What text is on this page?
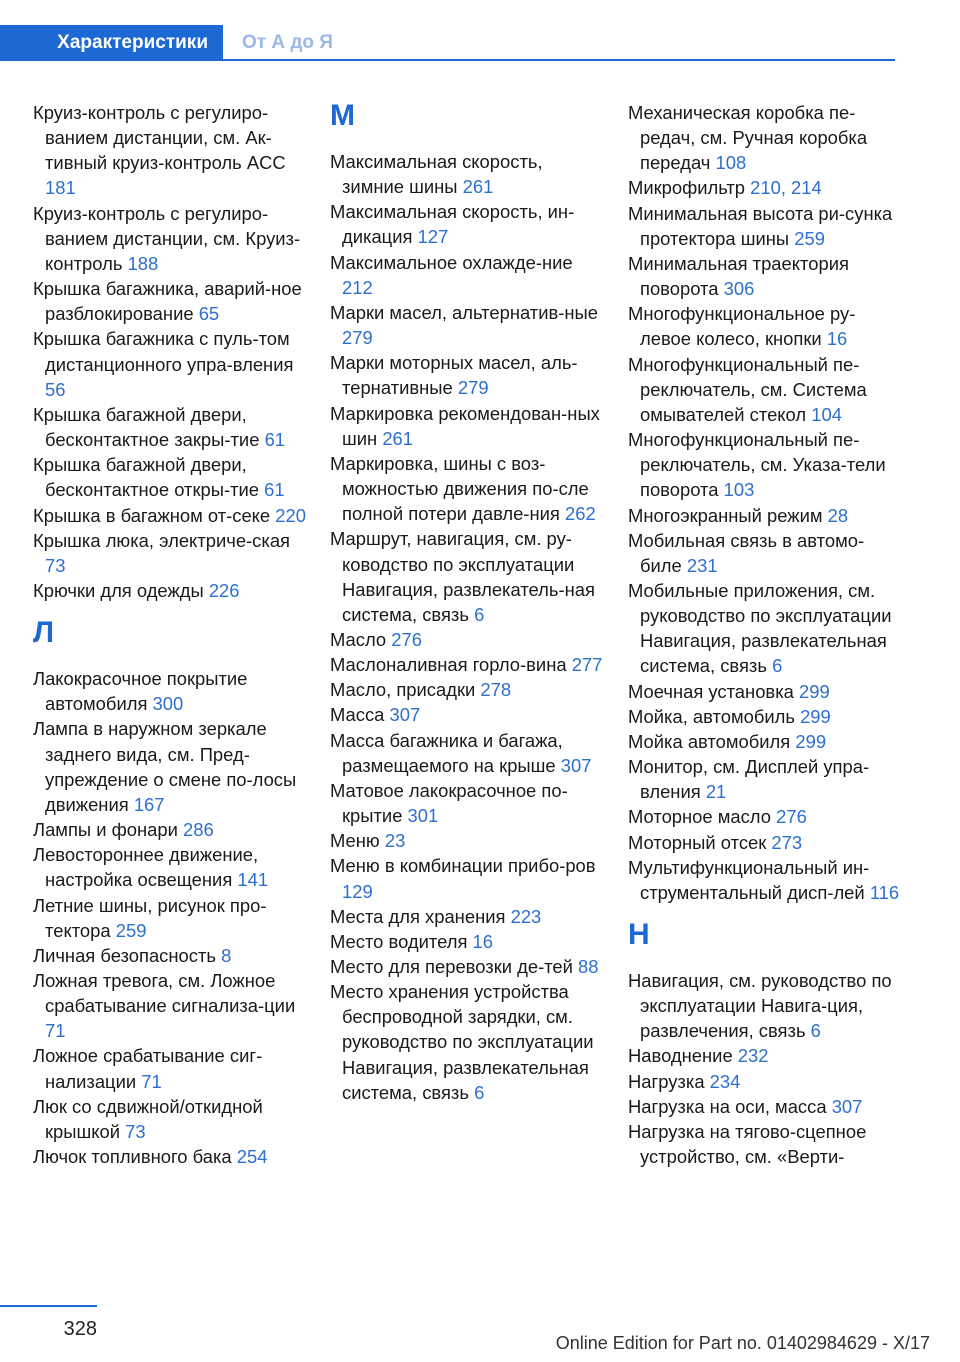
Характеристики	От А до Я
Круиз-контроль с регулиро-ванием дистанции, см. Ак-тивный круиз-контроль ACC 181
Круиз-контроль с регулиро-ванием дистанции, см. Круиз-контроль 188
Крышка багажника, аварий-ное разблокирование 65
Крышка багажника с пуль-том дистанционного упра-вления 56
Крышка багажной двери, бесконтактное закры-тие 61
Крышка багажной двери, бесконтактное откры-тие 61
Крышка в багажном от-секе 220
Крышка люка, электриче-ская 73
Крючки для одежды 226
Л
Лакокрасочное покрытие автомобиля 300
Лампа в наружном зеркале заднего вида, см. Пред-упреждение о смене по-лосы движения 167
Лампы и фонари 286
Левостороннее движение, настройка освещения 141
Летние шины, рисунок про-тектора 259
Личная безопасность 8
Ложная тревога, см. Ложное срабатывание сигнализа-ции 71
Ложное срабатывание сиг-нализации 71
Люк со сдвижной/откидной крышкой 73
Лючок топливного бака 254
М
Максимальная скорость, зимние шины 261
Максимальная скорость, ин-дикация 127
Максимальное охлажде-ние 212
Марки масел, альтернатив-ные 279
Марки моторных масел, аль-тернативные 279
Маркировка рекомендован-ных шин 261
Маркировка, шины с воз-можностью движения по-сле полной потери давле-ния 262
Маршрут, навигация, см. ру-ководство по эксплуатации Навигация, развлекатель-ная система, связь 6
Масло 276
Маслоналивная горло-вина 277
Масло, присадки 278
Масса 307
Масса багажника и багажа, размещаемого на крыше 307
Матовое лакокрасочное по-крытие 301
Меню 23
Меню в комбинации прибо-ров 129
Места для хранения 223
Место водителя 16
Место для перевозки де-тей 88
Место хранения устройства беспроводной зарядки, см. руководство по эксплуатации Навигация, развлекательная система, связь 6
Механическая коробка пе-редач, см. Ручная коробка передач 108
Микрофильтр 210, 214
Минимальная высота ри-сунка протектора шины 259
Минимальная траектория поворота 306
Многофункциональное ру-левое колесо, кнопки 16
Многофункциональный пе-реключатель, см. Система омывателей стекол 104
Многофункциональный пе-реключатель, см. Указа-тели поворота 103
Многоэкранный режим 28
Мобильная связь в автомо-биле 231
Мобильные приложения, см. руководство по эксплуатации Навигация, развлекательная система, связь 6
Моечная установка 299
Мойка, автомобиль 299
Мойка автомобиля 299
Монитор, см. Дисплей упра-вления 21
Моторное масло 276
Моторный отсек 273
Мультифункциональный ин-струментальный дисп-лей 116
Н
Навигация, см. руководство по эксплуатации Навига-ция, развлечения, связь 6
Наводнение 232
Нагрузка 234
Нагрузка на оси, масса 307
Нагрузка на тягово-сцепное устройство, см. «Верти-
328
Online Edition for Part no. 01402984629 - X/17
